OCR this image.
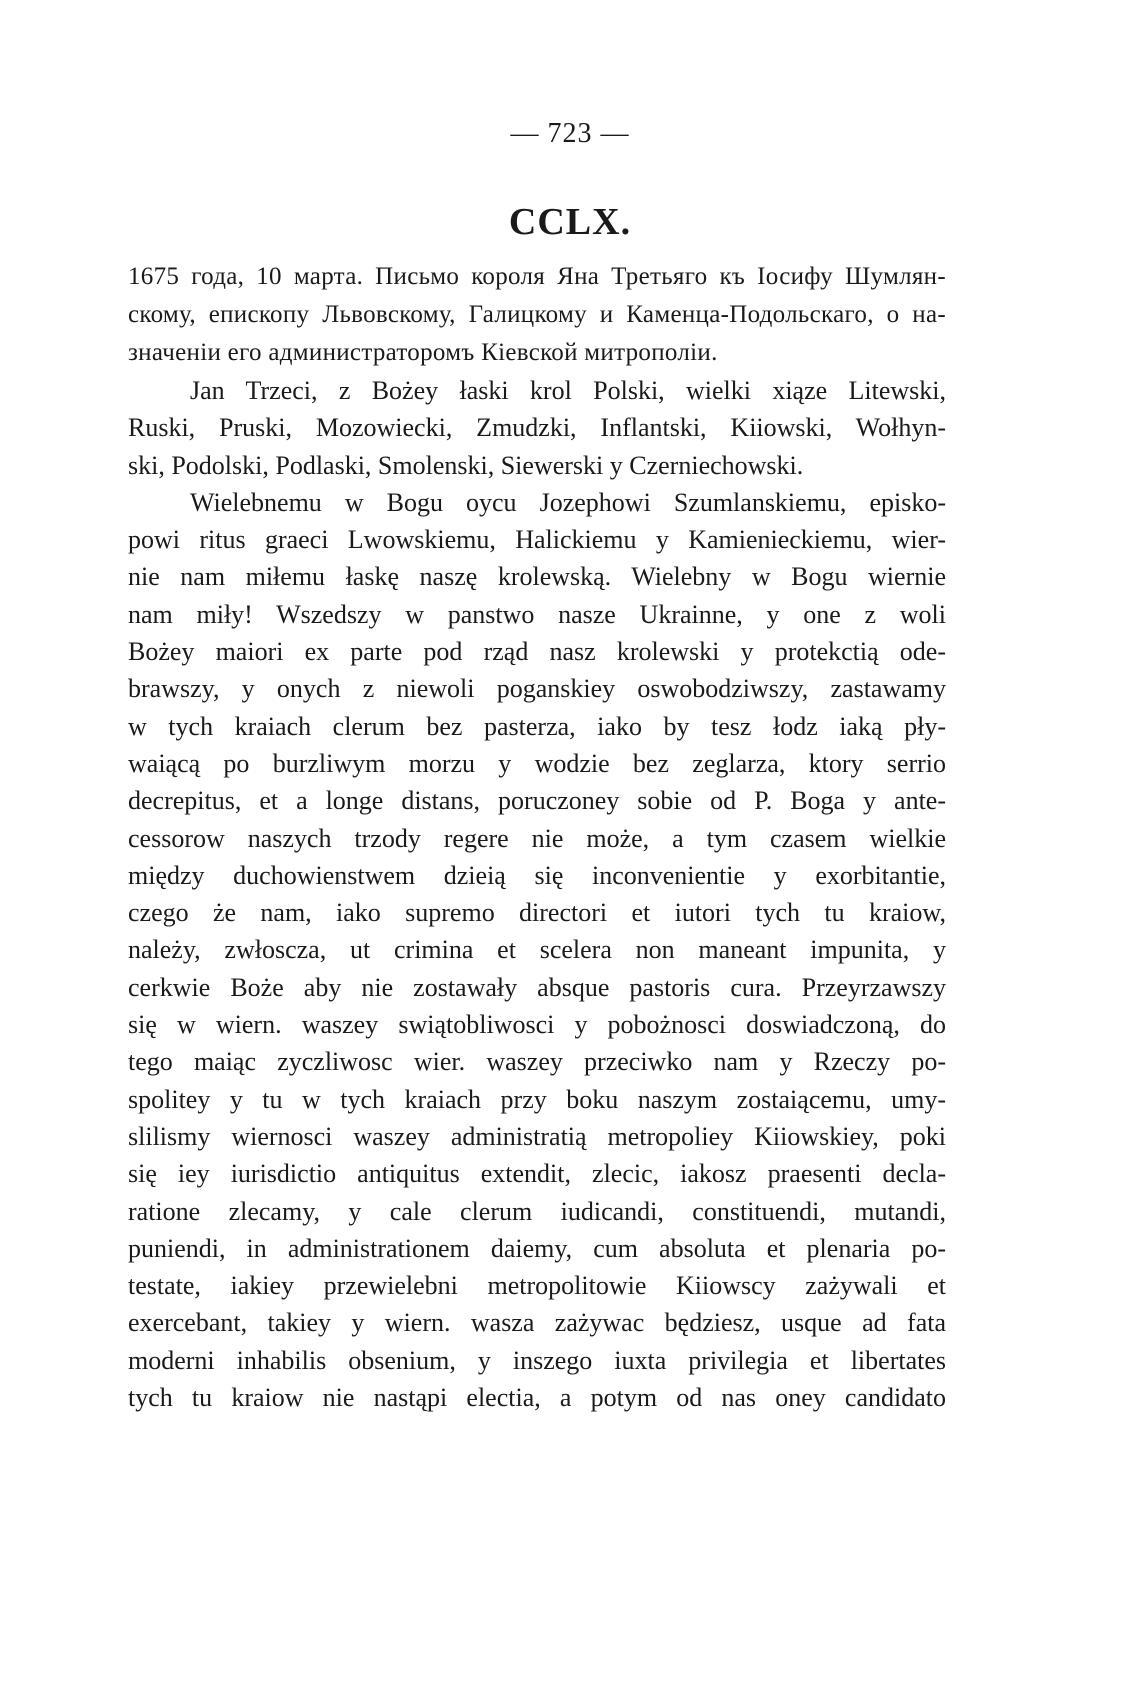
— 723 —
CCLX.
1675 года, 10 марта. Письмо короля Яна Третьяго къ Іосифу Шумлян-
скому, епископу Львовскому, Галицкому и Каменца-Подольскаго, о на-
значеніи его администраторомъ Кіевской митрополіи.
Jan Trzeci, z Bożey łaski krol Polski, wielki xiąze Litewski,
Ruski, Pruski, Mozowiecki, Zmudzki, Inflantski, Kiiowski, Wołhyn-
ski, Podolski, Podlaski, Smolenski, Siewerski y Czerniechowski.
Wielebnemu w Bogu oycu Jozephowi Szumlanskiemu, episko-
powi ritus graeci Lwowskiemu, Halickiemu y Kamienieckiemu, wier-
nie nam miłemu łaskę naszę krolewską. Wielebny w Bogu wiernie
nam miły! Wszedszy w panstwo nasze Ukrainne, y one z woli
Bożey maiori ex parte pod rząd nasz krolewski y protekctią ode-
brawszy, y onych z niewoli poganskiey oswobodziwszy, zastawamy
w tych kraiach clerum bez pasterza, iako by tesz łodz iaką pły-
waiącą po burzliwym morzu y wodzie bez zeglarza, ktory serrio
decrepitus, et a longe distans, poruczoney sobie od P. Boga y ante-
cessorow naszych trzody regere nie może, a tym czasem wielkie
między duchowienstwem dzieią się inconvenientie y exorbitantie,
czego że nam, iako supremo directori et iutori tych tu kraiow,
należy, zwłoscza, ut crimina et scelera non maneant impunita, y
cerkwie Boże aby nie zostawały absque pastoris cura. Przeyrzawszy
się w wiern. waszey swiątobliwosci y pobożnosci doswiadczoną, do
tego maiąc zyczliwosc wier. waszey przeciwko nam y Rzeczy po-
spolitey y tu w tych kraiach przy boku naszym zostaiącemu, umy-
slilismy wiernosci waszey administratią metropoliey Kiiowskiey, poki
się iey iurisdictio antiquitus extendit, zlecic, iakosz praesenti decla-
ratione zlecamy, y cale clerum iudicandi, constituendi, mutandi,
puniendi, in administrationem daiemy, cum absoluta et plenaria po-
testate, iakiey przewielebni metropolitowie Kiiowscy zażywali et
exercebant, takiey y wiern. wasza zażywac będziesz, usque ad fata
moderni inhabilis obsenium, y inszego iuxta privilegia et libertates
tych tu kraiow nie nastąpi electia, a potym od nas oney candidato
